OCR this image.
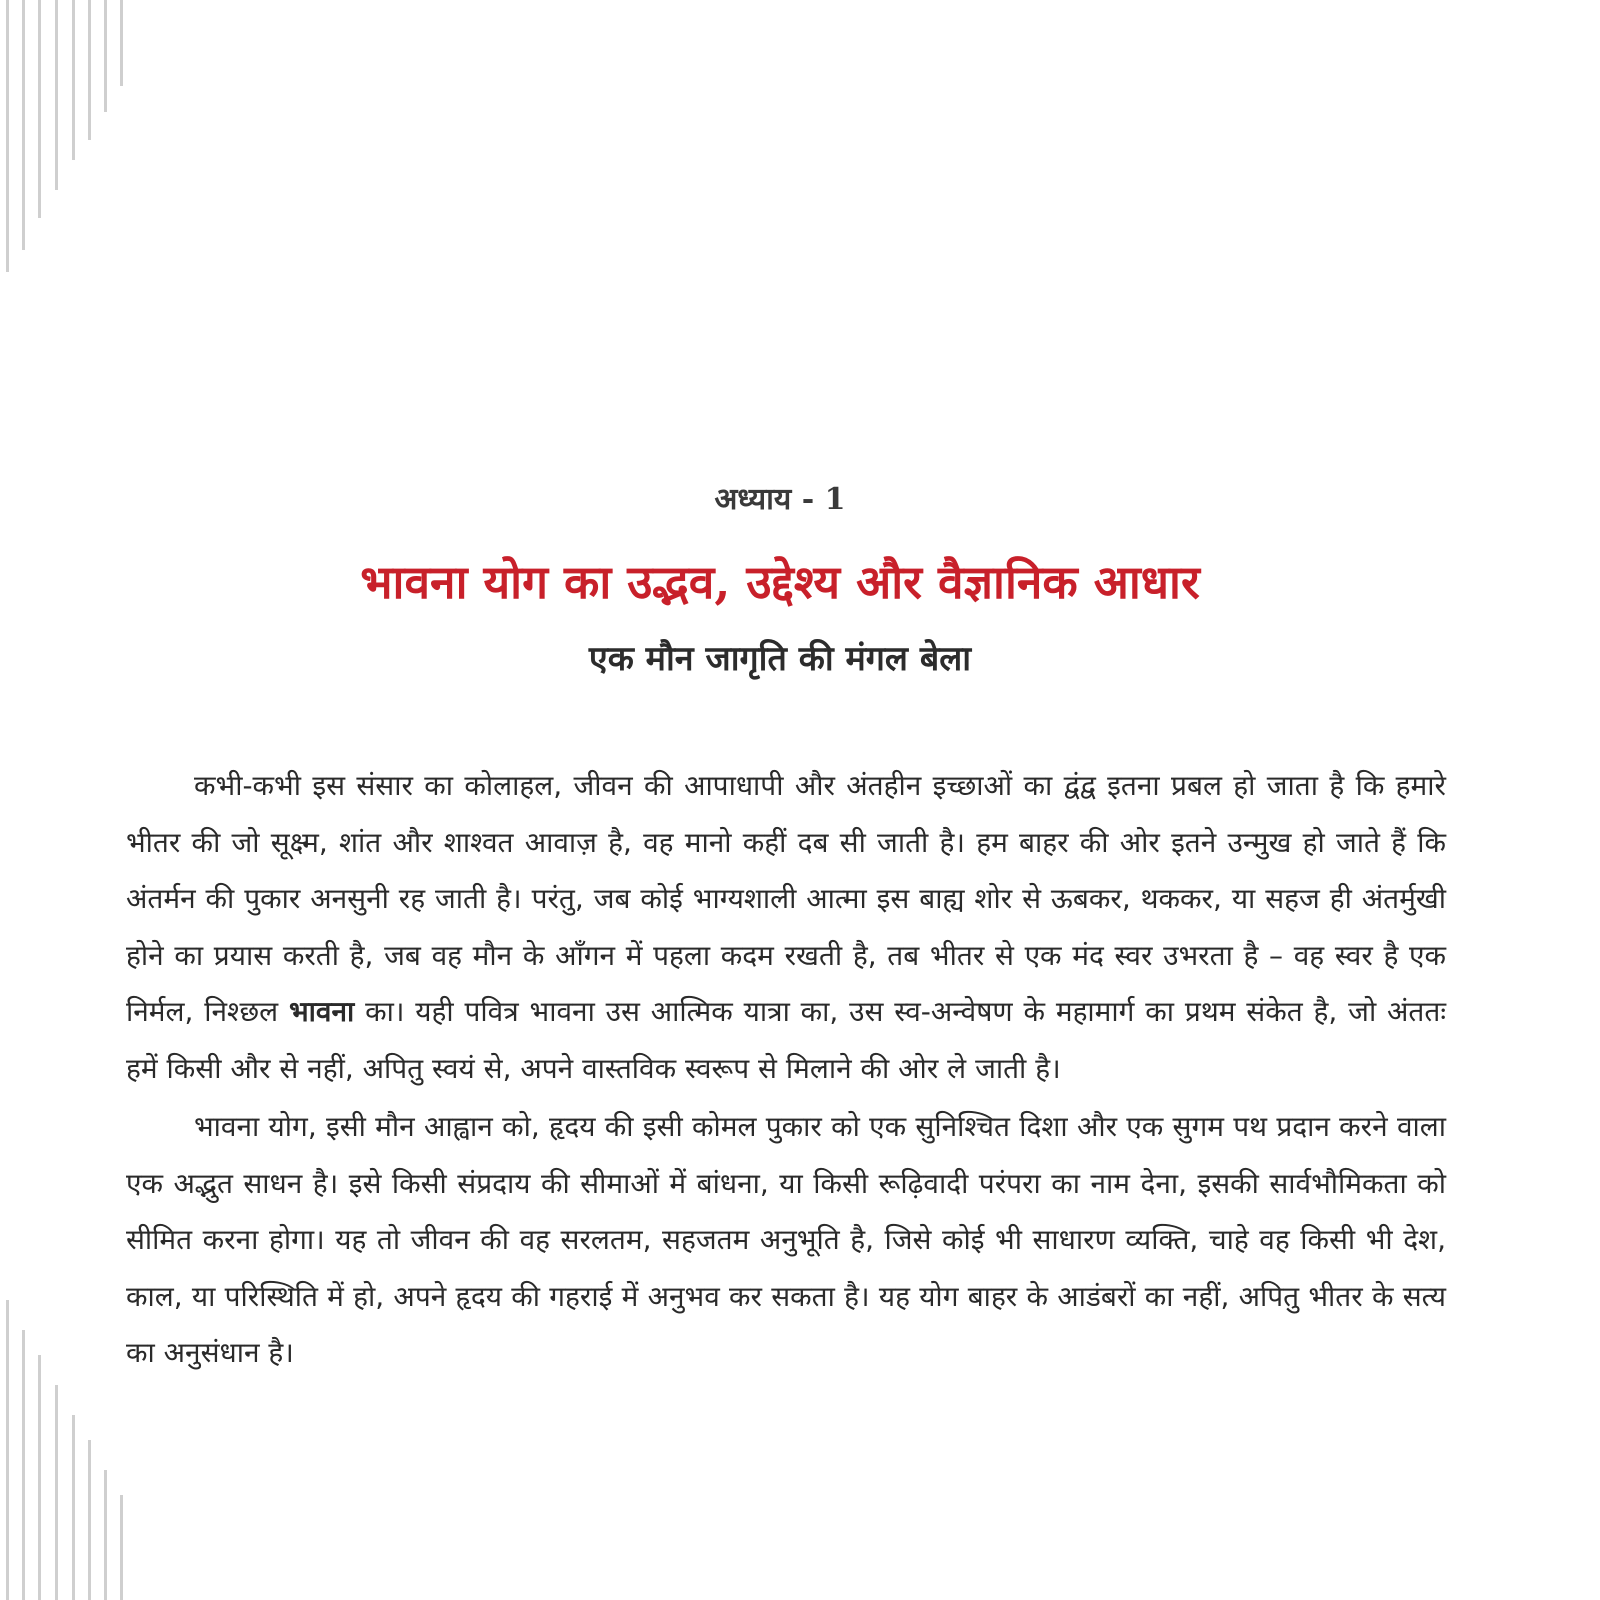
अध्याय - 1
भावना योग का उद्भव, उद्देश्य और वैज्ञानिक आधार
एक मौन जागृति की मंगल बेला

कभी-कभी इस संसार का कोलाहल, जीवन की आपाधापी और अंतहीन इच्छाओं का द्वंद्व इतना प्रबल हो जाता है कि हमारे भीतर की जो सूक्ष्म, शांत और शाश्वत आवाज़ है, वह मानो कहीं दब सी जाती है। हम बाहर की ओर इतने उन्मुख हो जाते हैं कि अंतर्मन की पुकार अनसुनी रह जाती है। परंतु, जब कोई भाग्यशाली आत्मा इस बाह्य शोर से ऊबकर, थककर, या सहज ही अंतर्मुखी होने का प्रयास करती है, जब वह मौन के आँगन में पहला कदम रखती है, तब भीतर से एक मंद स्वर उभरता है – वह स्वर है एक निर्मल, निश्छल भावना का। यही पवित्र भावना उस आत्मिक यात्रा का, उस स्व-अन्वेषण के महामार्ग का प्रथम संकेत है, जो अंततः हमें किसी और से नहीं, अपितु स्वयं से, अपने वास्तविक स्वरूप से मिलाने की ओर ले जाती है।

भावना योग, इसी मौन आह्वान को, हृदय की इसी कोमल पुकार को एक सुनिश्चित दिशा और एक सुगम पथ प्रदान करने वाला एक अद्भुत साधन है। इसे किसी संप्रदाय की सीमाओं में बांधना, या किसी रूढ़िवादी परंपरा का नाम देना, इसकी सार्वभौमिकता को सीमित करना होगा। यह तो जीवन की वह सरलतम, सहजतम अनुभूति है, जिसे कोई भी साधारण व्यक्ति, चाहे वह किसी भी देश, काल, या परिस्थिति में हो, अपने हृदय की गहराई में अनुभव कर सकता है। यह योग बाहर के आडंबरों का नहीं, अपितु भीतर के सत्य का अनुसंधान है।
